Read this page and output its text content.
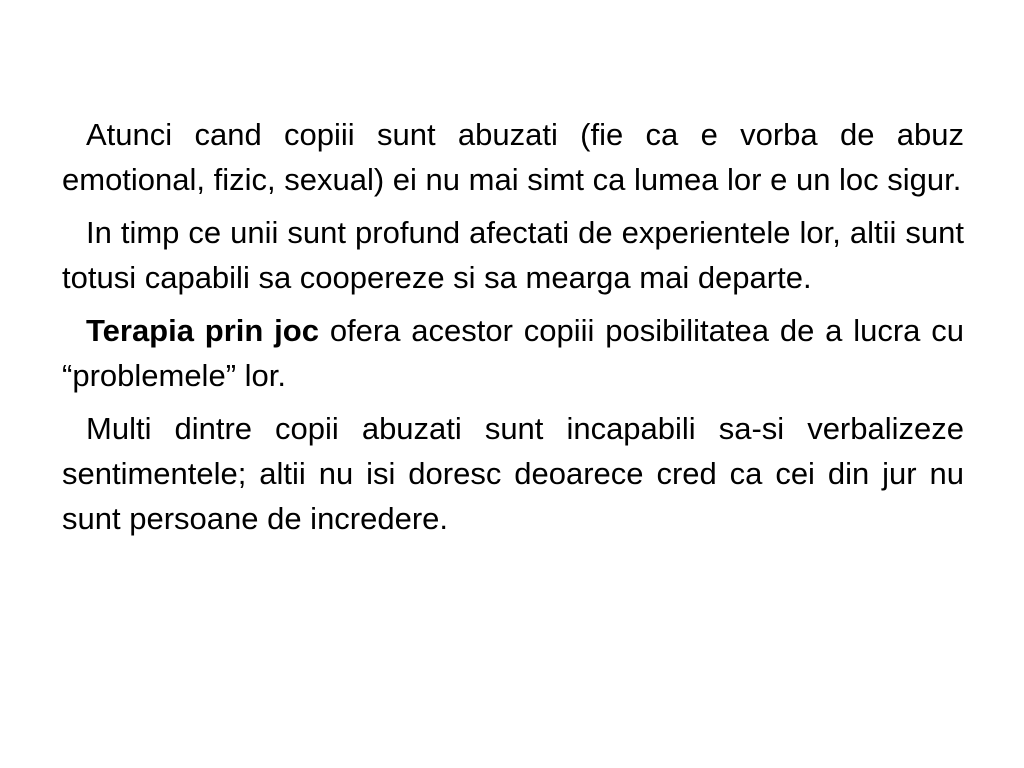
Atunci cand copiii sunt abuzati (fie ca e vorba de abuz emotional, fizic, sexual) ei nu mai simt ca lumea lor e un loc sigur.

In timp ce unii sunt profund afectati de experientele lor, altii sunt totusi capabili sa coopereze si sa mearga mai departe.

Terapia prin joc ofera acestor copiii posibilitatea de a lucra cu “problemele” lor.

Multi dintre copii abuzati sunt incapabili sa-si verbalizeze sentimentele; altii nu isi doresc deoarece cred ca cei din jur nu sunt persoane de incredere.
